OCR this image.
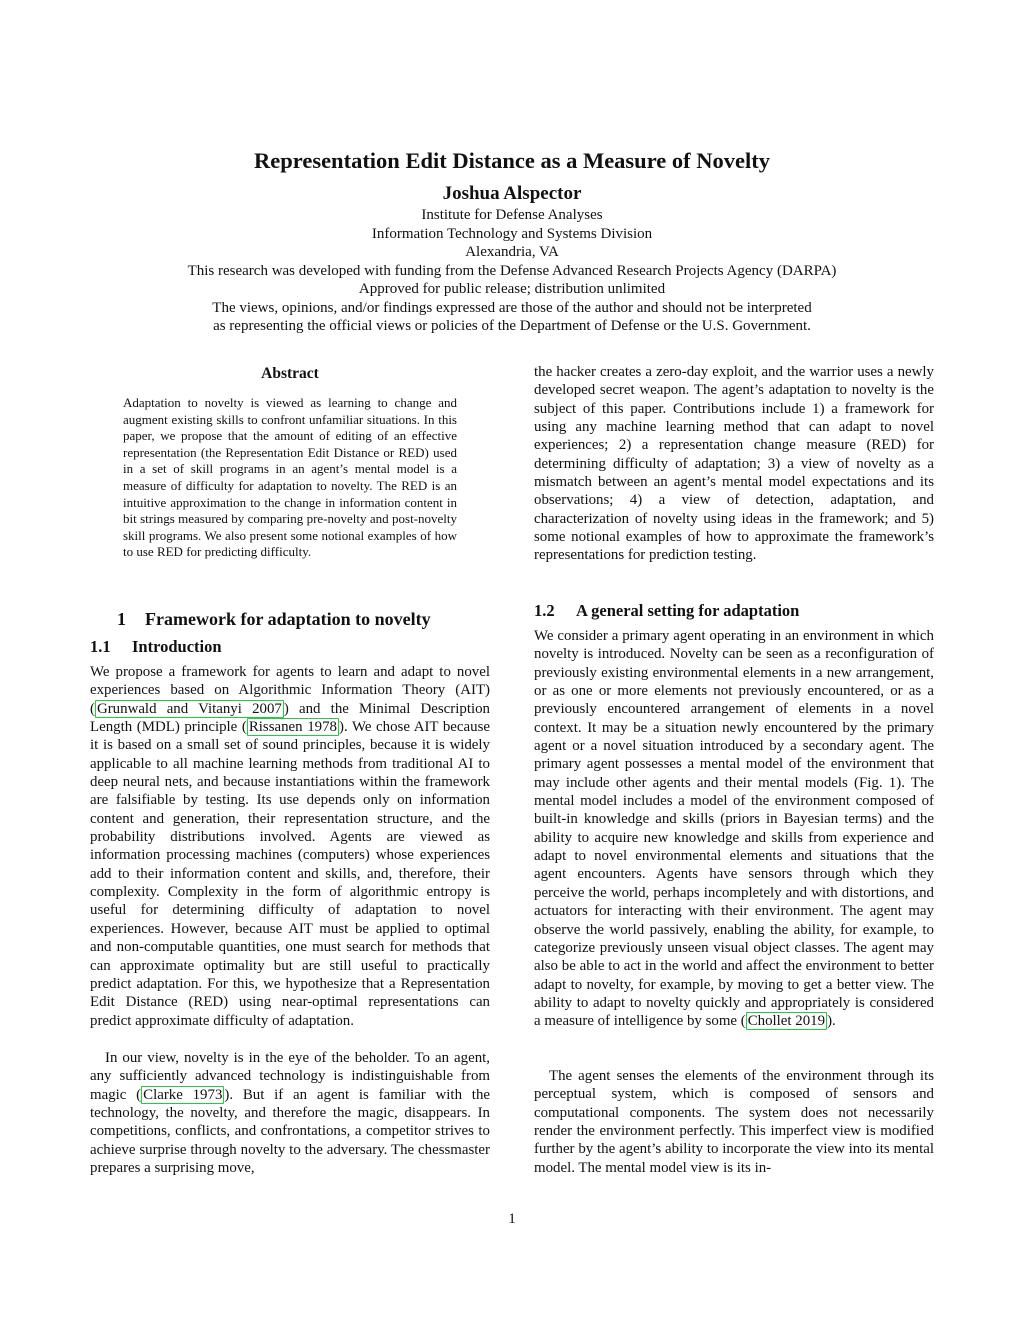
Representation Edit Distance as a Measure of Novelty
Joshua Alspector
Institute for Defense Analyses
Information Technology and Systems Division
Alexandria, VA
This research was developed with funding from the Defense Advanced Research Projects Agency (DARPA)
Approved for public release; distribution unlimited
The views, opinions, and/or findings expressed are those of the author and should not be interpreted
as representing the official views or policies of the Department of Defense or the U.S. Government.
Abstract

Adaptation to novelty is viewed as learning to change and augment existing skills to confront unfamiliar situations. In this paper, we propose that the amount of editing of an effective representation (the Representation Edit Distance or RED) used in a set of skill programs in an agent’s mental model is a measure of difficulty for adaptation to novelty. The RED is an intuitive approximation to the change in information content in bit strings measured by comparing pre-novelty and post-novelty skill programs. We also present some notional examples of how to use RED for predicting difficulty.

1 Framework for adaptation to novelty
1.1 Introduction

We propose a framework for agents to learn and adapt to novel experiences based on Algorithmic Information Theory (AIT) ( Grunwald and Vitanyi 2007 ) and the Minimal Description Length (MDL) principle ( Rissanen 1978 ). We chose AIT because it is based on a small set of sound principles, because it is widely applicable to all machine learning methods from traditional AI to deep neural nets, and because instantiations within the framework are falsifiable by testing. Its use depends only on information content and generation, their representation structure, and the probability distributions involved. Agents are viewed as information processing machines (computers) whose experiences add to their information content and skills, and, therefore, their complexity. Complexity in the form of algorithmic entropy is useful for determining difficulty of adaptation to novel experiences. However, because AIT must be applied to optimal and non-computable quantities, one must search for methods that can approximate optimality but are still useful to practically predict adaptation. For this, we hypothesize that a Representation Edit Distance (RED) using near-optimal representations can predict approximate difficulty of adaptation.

In our view, novelty is in the eye of the beholder. To an agent, any sufficiently advanced technology is indistinguishable from magic ( Clarke 1973 ). But if an agent is familiar with the technology, the novelty, and therefore the magic, disappears. In competitions, conflicts, and confrontations, a competitor strives to achieve surprise through novelty to the adversary. The chessmaster prepares a surprising move,

the hacker creates a zero-day exploit, and the warrior uses a newly developed secret weapon. The agent’s adaptation to novelty is the subject of this paper. Contributions include 1) a framework for using any machine learning method that can adapt to novel experiences; 2) a representation change measure (RED) for determining difficulty of adaptation; 3) a view of novelty as a mismatch between an agent’s mental model expectations and its observations; 4) a view of detection, adaptation, and characterization of novelty using ideas in the framework; and 5) some notional examples of how to approximate the framework’s representations for prediction testing.

1.2 A general setting for adaptation

We consider a primary agent operating in an environment in which novelty is introduced. Novelty can be seen as a reconfiguration of previously existing environmental elements in a new arrangement, or as one or more elements not previously encountered, or as a previously encountered arrangement of elements in a novel context. It may be a situation newly encountered by the primary agent or a novel situation introduced by a secondary agent. The primary agent possesses a mental model of the environment that may include other agents and their mental models (Fig. 1). The mental model includes a model of the environment composed of built-in knowledge and skills (priors in Bayesian terms) and the ability to acquire new knowledge and skills from experience and adapt to novel environmental elements and situations that the agent encounters. Agents have sensors through which they perceive the world, perhaps incompletely and with distortions, and actuators for interacting with their environment. The agent may observe the world passively, enabling the ability, for example, to categorize previously unseen visual object classes. The agent may also be able to act in the world and affect the environment to better adapt to novelty, for example, by moving to get a better view. The ability to adapt to novelty quickly and appropriately is considered a measure of intelligence by some ( Chollet 2019 ).

The agent senses the elements of the environment through its perceptual system, which is composed of sensors and computational components. The system does not necessarily render the environment perfectly. This imperfect view is modified further by the agent’s ability to incorporate the view into its mental model. The mental model view is its in-

1
